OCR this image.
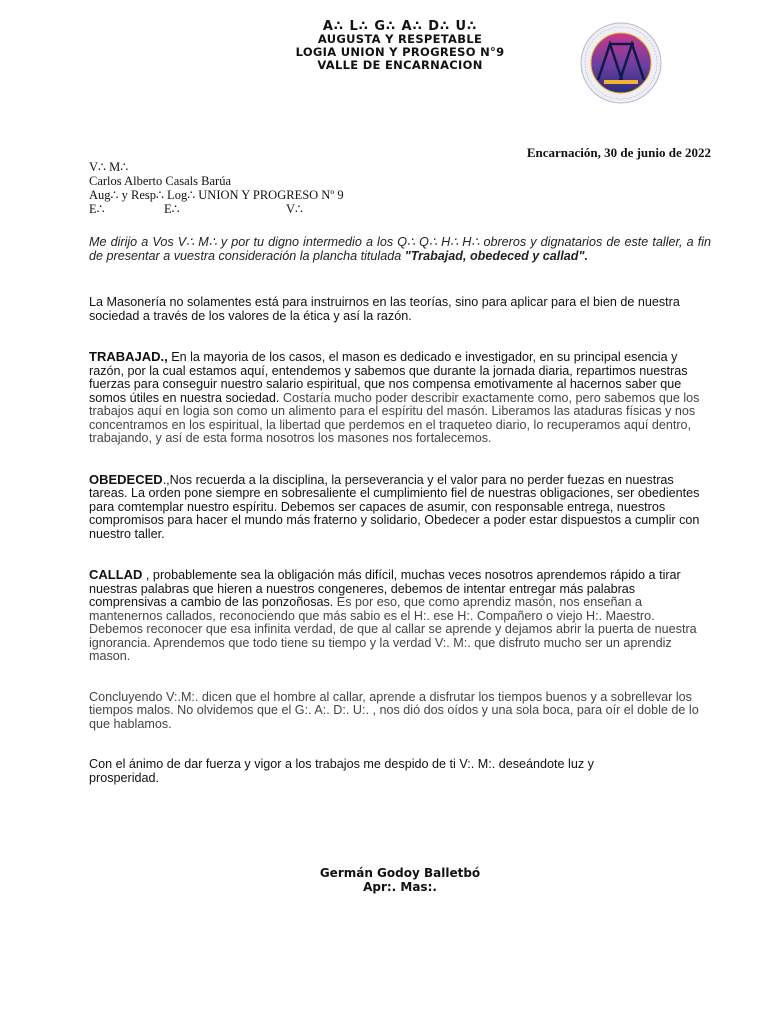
A∴ L∴ G∴ A∴ D∴ U∴
AUGUSTA Y RESPETABLE
LOGIA UNION Y PROGRESO N°9
VALLE DE ENCARNACION
Encarnación, 30 de junio de 2022
V∴ M∴
Carlos Alberto Casals Barúa
Aug∴ y Resp∴ Log∴ UNION Y PROGRESO Nº 9
E∴	E∴	V∴

Me dirijo a Vos V∴ M∴ y por tu digno intermedio a los Q∴ Q∴ H∴ H∴ obreros y dignatarios de este taller, a fin de presentar a vuestra consideración la plancha titulada "Trabajad, obedeced y callad".

La Masonería no solamentes está para instruirnos en las teorías, sino para aplicar para el bien de nuestra sociedad a través de los valores de la ética y así la razón.

TRABAJAD., En la mayoria de los casos, el mason es dedicado e investigador, en su principal esencia y razón, por la cual estamos aquí, entendemos y sabemos que durante la jornada diaria, repartimos nuestras fuerzas para conseguir nuestro salario espiritual, que nos compensa emotivamente al hacernos saber que somos útiles en nuestra sociedad. Costaría mucho poder describir exactamente como, pero sabemos que los trabajos aquí en logia son como un alimento para el espíritu del masón. Liberamos las ataduras físicas y nos concentramos en los espiritual, la libertad que perdemos en el traqueteo diario, lo recuperamos aquí dentro, trabajando, y así de esta forma nosotros los masones nos fortalecemos.

OBEDECED.,Nos recuerda a la disciplina, la perseverancia y el valor para no perder fuezas en nuestras tareas. La orden pone siempre en sobresaliente el cumplimiento fiel de nuestras obligaciones, ser obedientes para comtemplar nuestro espíritu. Debemos ser capaces de asumir, con responsable entrega, nuestros compromisos para hacer el mundo más fraterno y solidario, Obedecer a poder estar dispuestos a cumplir con nuestro taller.

CALLAD , probablemente sea la obligación más difícil, muchas veces nosotros aprendemos rápido a tirar nuestras palabras que hieren a nuestros congeneres, debemos de intentar entregar más palabras comprensivas a cambio de las ponzoñosas. Es por eso, que como aprendiz masón, nos enseñan a mantenernos callados, reconociendo que más sabio es el H:. ese H:. Compañero o viejo H:. Maestro. Debemos reconocer que esa infinita verdad, de que al callar se aprende y dejamos abrir la puerta de nuestra ignorancia. Aprendemos que todo tiene su tiempo y la verdad V:. M:. que disfruto mucho ser un aprendiz mason.

Concluyendo V:.M:. dicen que el hombre al callar, aprende a disfrutar los tiempos buenos y a sobrellevar los tiempos malos. No olvidemos que el G:. A:. D:. U:. , nos dió dos oídos y una sola boca, para oír el doble de lo que hablamos.

Con el ánimo de dar fuerza y vigor a los trabajos me despido de ti V:. M:. deseándote luz y prosperidad.

Germán Godoy Balletbó
Apr:. Mas:.
